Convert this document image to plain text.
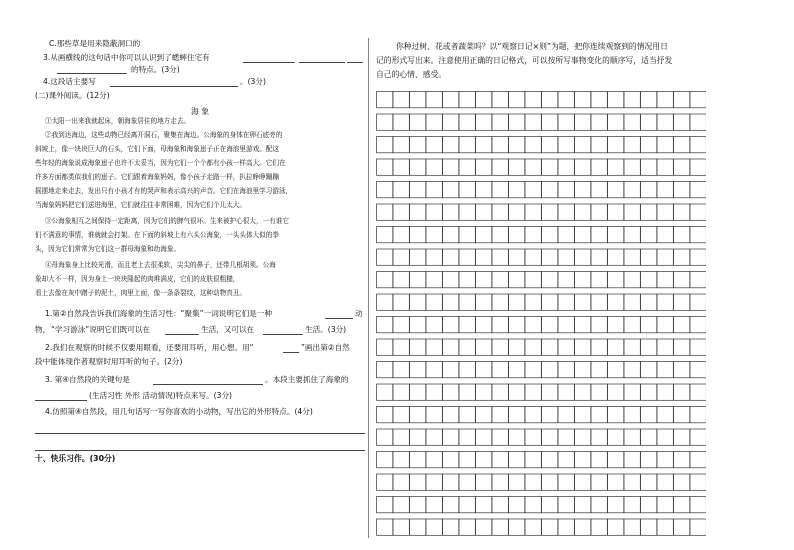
C.那些草是用来隐蔽洞口的
3.从画横线的这句话中你可以认识到了蟋蟀住宅有
的特点。(3分)
4.这段话主要写	。(3分)
(二)课外阅读。(12分)
海 象
①太阳一出来我就起床，朝海象居住的地方走去。
②我到达海边，这些动物已经离开洞石，聚集在海边。公海象的身体在卵石底旁的
斜坡上，像一块块巨大的石头，它们下面，母海象和海象崽子正在海浪里游戏。配这
些年轻的海象说成海象崽子也许不太妥当，因为它们一个个都有小孩一样高大。它们在
许多方面都类似我们的崽子。它们跟着海象妈妈，像小孩子走路一样，扒拉睁睁蹦蹦
摇摆地走来走去，发出只有小孩才有的哭声和表示高兴的声音。它们在海浪里学习游泳，
当海象妈妈把它们送进海里，它们就往往非常困难，因为它们个儿太大。
③公海象相互之间保持一定距离，因为它们的脾气很坏。生来被护心很大，一有谁它
们不满意的事情，谁就就会打架。在下面的斜坡上有六头公海象，一头头体大似的拳
头，因为它们常常为它们这一群母海象和幼海象。
④母海象身上比较光滑，而且老上去很柔软，尖尖的鼻子，还带几根胡须。公海
象却大不一样，因为身上一块块隆起的肉堆满皮，它们的皮肤很粗糙，
看上去像在灰中蹭子的泥土，肉里上面，像一条条裂纹，这种动物真丑。
1.第②自然段告诉我们海象的生活习性：“聚集”一词说明它们是一种	动
物， “学习游泳”说明它们既可以在	生活，又可以在	生活。(3分)
2.我们在观察的时候不仅要用眼看，还要用耳听，用心想。用“	”画出第②自然
段中能体现作者观察时用耳听的句子。(2分)
3. 第④自然段的关键句是	。本段主要抓住了海象的
(生活习性 外形 活动情况)特点来写。(3分)
4.仿照第④自然段，用几句话写一写你喜欢的小动物，写出它的外形特点。(4分)
十、快乐习作。(30分)
你种过树、花或者蔬菜吗？以“观察日记×则”为题，把你连续观察到的情况用日
记的形式写出来。注意使用正确的日记格式，可以按所写事物变化的顺序写，适当抒发
自己的心情、感受。
